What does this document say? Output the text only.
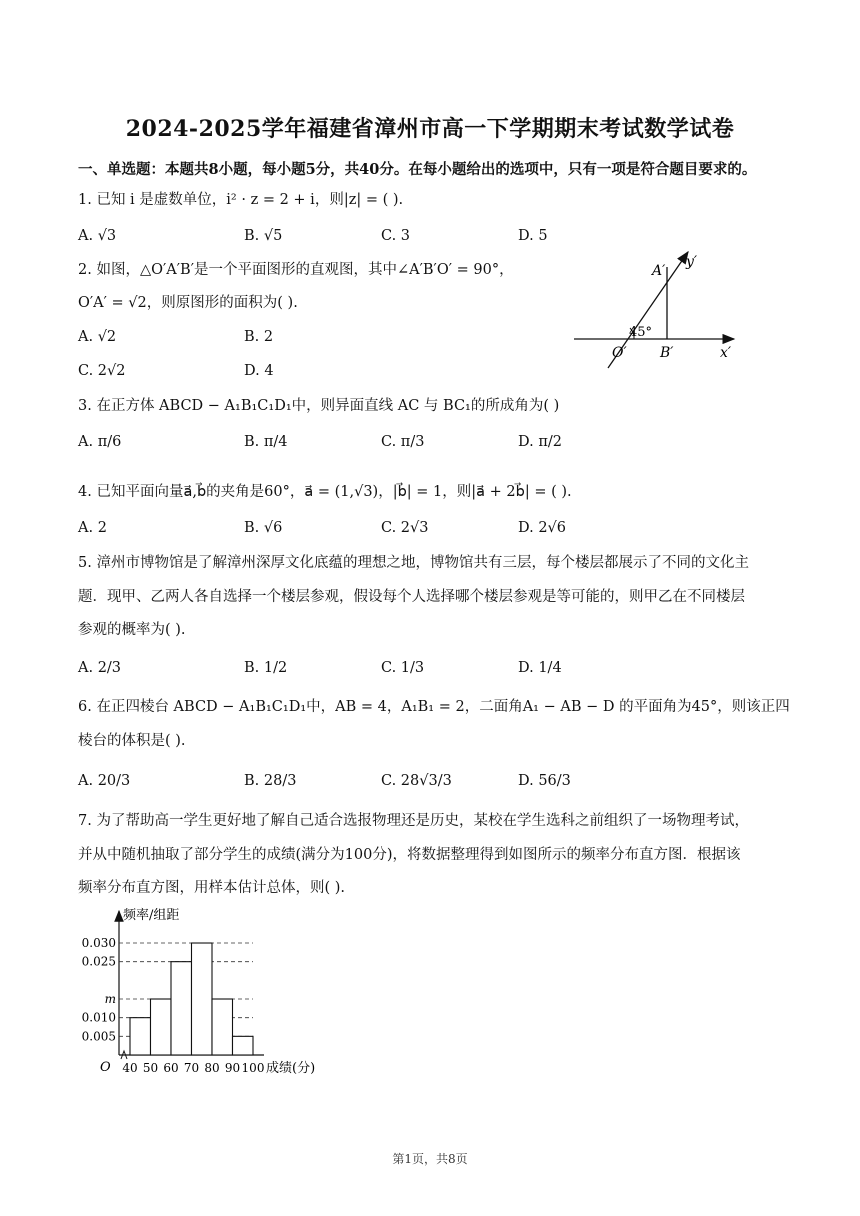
2024-2025学年福建省漳州市高一下学期期末考试数学试卷
一、单选题：本题共8小题，每小题5分，共40分。在每小题给出的选项中，只有一项是符合题目要求的。
1. 已知 i 是虚数单位，i² · z = 2 + i，则|z| = ( ).
A. √3	B. √5	C. 3	D. 5
2. 如图，△O′A′B′是一个平面图形的直观图，其中∠A′B′O′ = 90°，
O′A′ = √2，则原图形的面积为( ).
A. √2	B. 2
C. 2√2	D. 4
A′
y′
45°
O′ B′	x′
3. 在正方体 ABCD − A₁B₁C₁D₁中，则异面直线 AC 与 BC₁的所成角为( )
A. π/6	B. π/4	C. π/3	D. π/2
4. 已知平面向量a⃗,b⃗的夹角是60°，a⃗ = (1,√3)，|b⃗| = 1，则|a⃗ + 2b⃗| = ( ).
A. 2	B. √6	C. 2√3	D. 2√6
5. 漳州市博物馆是了解漳州深厚文化底蕴的理想之地，博物馆共有三层，每个楼层都展示了不同的文化主
题．现甲、乙两人各自选择一个楼层参观，假设每个人选择哪个楼层参观是等可能的，则甲乙在不同楼层
参观的概率为( ).
A. 2/3	B. 1/2	C. 1/3	D. 1/4
6. 在正四棱台 ABCD − A₁B₁C₁D₁中，AB = 4，A₁B₁ = 2，二面角A₁ − AB − D 的平面角为45°，则该正四
棱台的体积是( ).
A. 20/3	B. 28/3	C. 28√3/3	D. 56/3
7. 为了帮助高一学生更好地了解自己适合选报物理还是历史，某校在学生选科之前组织了一场物理考试，
并从中随机抽取了部分学生的成绩(满分为100分)，将数据整理得到如图所示的频率分布直方图．根据该
频率分布直方图，用样本估计总体，则( ).
0.030
0.025
m
0.010
0.005
40 50 60 70 80 90 100
频率/组距
成绩(分)
O
第1页，共8页
